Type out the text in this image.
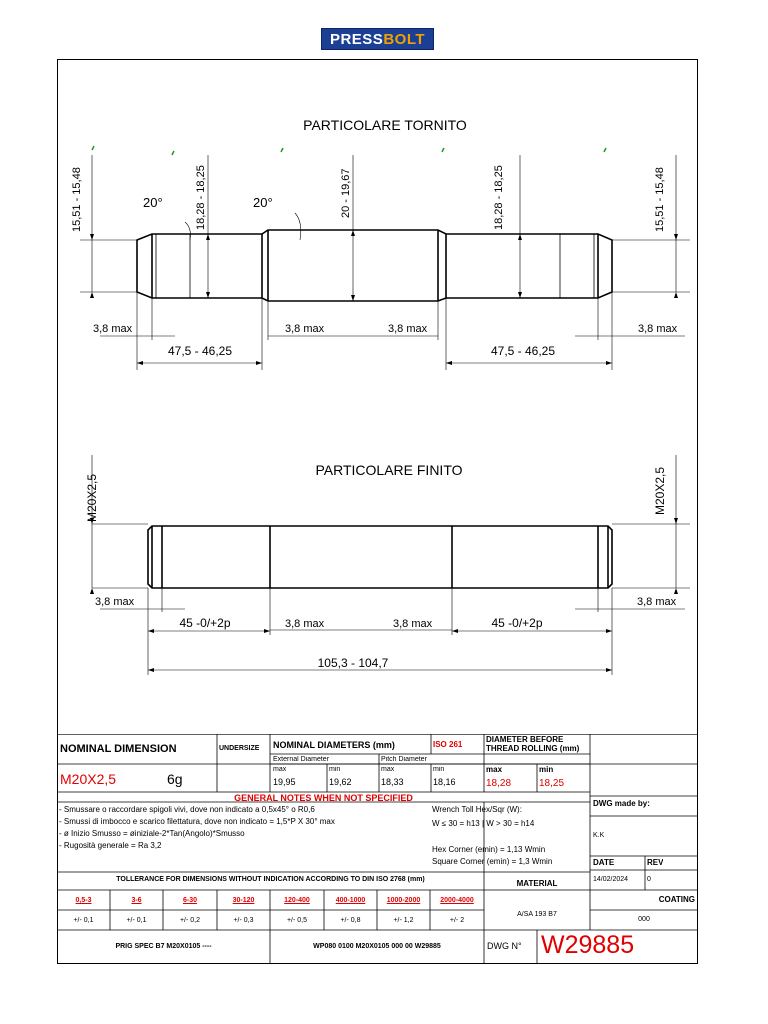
PRESS BOLT
PARTICOLARE TORNITO
20°	20°
15,51 - 15,48	18,28 - 18,25	20 - 19,67	18,28 - 18,25	15,51 - 15,48
3,8 max	3,8 max	3,8 max	3,8 max
47,5 - 46,25	47,5 - 46,25
PARTICOLARE FINITO
M20X2,5	M20X2,5
3,8 max
3,8 max	3,8 max
3,8 max
45 -0/+2p	45 -0/+2p
105,3 - 104,7
NOMINAL DIMENSION	UNDERSIZE NOMINAL DIAMETERS (mm)	ISO 261
DIAMETER BEFORE THREAD ROLLING (mm)
External Diameter	Pitch Diameter
max	min	max	min	max	min
M20X2,5	6g	19,95	19,62	18,33	18,16	18,28	18,25
GENERAL NOTES WHEN NOT SPECIFIED
- Smussare o raccordare spigoli vivi, dove non indicato a 0,5x45° o R0,6
- Smussi di imbocco e scarico filettatura, dove non indicato = 1,5*P X 30° max
- ø Inizio Smusso = øiniziale-2*Tan(Angolo)*Smusso
- Rugosità generale = Ra 3,2
Wrench Toll Hex/Sqr (W):
W ≤ 30 = h13 | W > 30 = h14
Hex Corner (emin) = 1,13 Wmin
Square Corner (emin) = 1,3 Wmin
DWG made by:
K.K
DATE	REV
14/02/2024	0
TOLLERANCE FOR DIMENSIONS WITHOUT INDICATION ACCORDING TO DIN ISO 2768 (mm)	MATERIAL
COATING
A/SA 193 B7
000
0,5-3	3-6	6-30	30-120	120-400	400-1000	1000-2000	2000-4000
+/- 0,1	+/- 0,1	+/- 0,2	+/- 0,3	+/- 0,5	+/- 0,8	+/- 1,2	+/- 2
PRIG SPEC B7 M20X0105 ----	WP080 0100 M20X0105 000 00 W29885	DWG N° W29885
